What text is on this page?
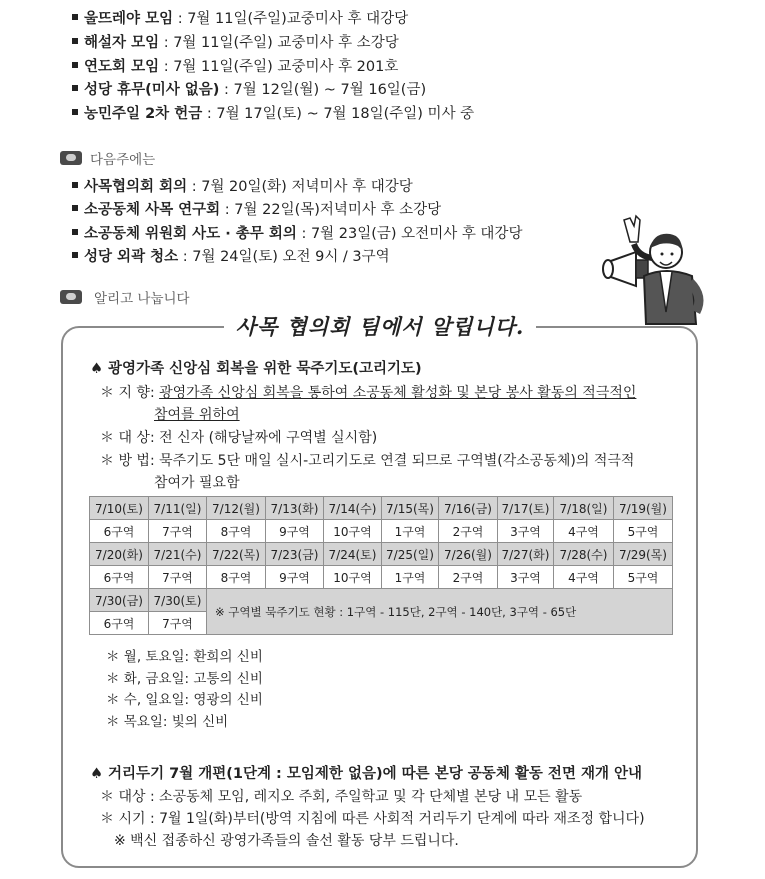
울뜨레야 모임 : 7월 11일(주일)교중미사 후 대강당
해설자 모임 : 7월 11일(주일) 교중미사 후 소강당
연도회 모임 : 7월 11일(주일) 교중미사 후 201호
성당 휴무(미사 없음) : 7월 12일(월) ~ 7월 16일(금)
농민주일 2차 헌금 : 7월 17일(토) ~ 7월 18일(주일) 미사 중
다음주에는
사목협의회 회의 : 7월 20일(화) 저녁미사 후 대강당
소공동체 사목 연구회 : 7월 22일(목)저녁미사 후 소강당
소공동체 위원회 사도 · 총무 회의 : 7월 23일(금) 오전미사 후 대강당
성당 외곽 청소 : 7월 24일(토) 오전 9시 / 3구역
알리고 나눕니다
사목 협의회 팀에서 알립니다.
♠ 광영가족 신앙심 회복을 위한 묵주기도(고리기도)
＊ 지 향: 광영가족 신앙심 회복을 통하여 소공동체 활성화 및 본당 봉사 활동의 적극적인
참여를 위하여
＊ 대 상: 전 신자 (해당날짜에 구역별 실시함)
＊ 방 법: 묵주기도 5단 매일 실시-고리기도로 연결 되므로 구역별(각소공동체)의 적극적
참여가 필요함
7/10(토)	7/11(일)	7/12(월)	7/13(화)	7/14(수)	7/15(목)	7/16(금)	7/17(토)	7/18(일)	7/19(월)
6구역	7구역	8구역	9구역	10구역	1구역	2구역	3구역	4구역	5구역
7/20(화)	7/21(수)	7/22(목)	7/23(금)	7/24(토)	7/25(일)	7/26(월)	7/27(화)	7/28(수)	7/29(목)
6구역	7구역	8구역	9구역	10구역	1구역	2구역	3구역	4구역	5구역
7/30(금)	7/30(토)	※ 구역별 묵주기도 현황 : 1구역 - 115단, 2구역 - 140단, 3구역 - 65단							
6구역	7구역								
＊ 월, 토요일: 환희의 신비
＊ 화, 금요일: 고통의 신비
＊ 수, 일요일: 영광의 신비
＊ 목요일: 빛의 신비
♠ 거리두기 7월 개편(1단계 : 모임제한 없음)에 따른 본당 공동체 활동 전면 재개 안내
＊ 대상 : 소공동체 모임, 레지오 주회, 주일학교 및 각 단체별 본당 내 모든 활동
＊ 시기 : 7월 1일(화)부터(방역 지침에 따른 사회적 거리두기 단계에 따라 재조정 합니다)
※ 백신 접종하신 광영가족들의 솔선 활동 당부 드립니다.
